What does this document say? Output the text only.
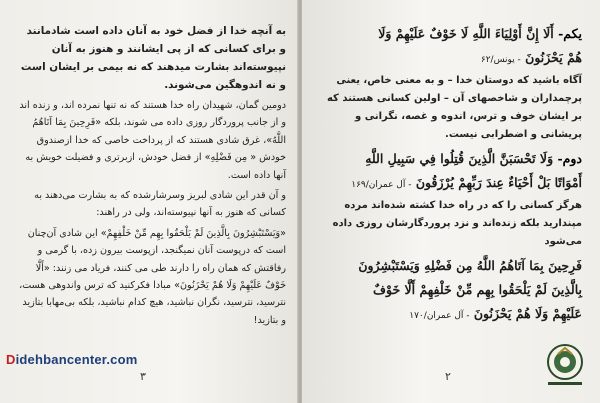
به آنچه خدا از فضل خود به آنان داده است شادمانند و برای کسانی که از پی ایشانند و هنوز به آنان نپیوسته‌اند بشارت میدهند که نه بیمی بر ایشان است و نه اندوهگین می‌شوند.

دومین گمان، شهیدان راه خدا هستند که نه تنها نمرده اند، و زنده اند و از جانب پروردگار روزی داده می شوند، بلکه «فَرِحِینَ بِمَا آتَاهُمُ اللَّهُ»، غرق شادی هستند که از پرداخت خاصی که خدا ازصندوق خودش « مِن فَضْلِهِ» از فضل خودش، ازبرتری و فضیلت خویش به آنها داده است.

و آن قدر این شادی لبریز وسرشارشده که به بشارت می‌دهند به کسانی که هنوز به آنها نپیوسته‌اند، ولی در راهند:

«وَيَسْتَبْشِرُونَ بِالَّذِينَ لَمْ يَلْحَقُوا بِهِم مِّنْ خَلْفِهِمْ» این شادی آن‌چنان است که درپوست آنان نمیگنجد، ازپوست بیرون زده، با گرمی و رفاقتش که همان راه را دارند طی می کنند، فریاد می زنند: «أَلَّا خَوْفٌ عَلَيْهِمْ وَلَا هُمْ يَحْزَنُونَ» مبادا فکرکنید که ترس واندوهی هست، نترسید، نترسید، نگران نباشید، هیچ کدام نباشید، بلکه بی‌مهابا بتازید و بتازید!

۳
یکم- أَلَا إِنَّ أَوْلِيَاءَ اللَّهِ لَا خَوْفٌ عَلَيْهِمْ وَلَا
هُمْ يَحْزَنُونَ - یونس/۶۲

آگاه باشید که دوستان خدا – و به معنی خاص، یعنی پرچمداران و شاخصهای آن – اولین کسانی هستند که بر ایشان خوف و ترس، اندوه و غصه، نگرانی و پریشانی و اضطرابی نیست.

دوم- وَلَا تَحْسَبَنَّ الَّذِينَ قُتِلُوا فِي سَبِيلِ اللَّهِ
أَمْوَاتًا بَلْ أَحْيَاءٌ عِندَ رَبِّهِمْ يُرْزَقُونَ - آل عمران/۱۶۹

هرگز کسانی را که در راه خدا کشته شده‌اند مرده مپندارید بلکه زنده‌اند و نزد پروردگارشان روزی داده می‌شود

فَرِحِينَ بِمَا آتَاهُمُ اللَّهُ مِن فَضْلِهِ وَيَسْتَبْشِرُونَ
بِالَّذِينَ لَمْ يَلْحَقُوا بِهِم مِّنْ خَلْفِهِمْ أَلَّا خَوْفٌ
عَلَيْهِمْ وَلَا هُمْ يَحْزَنُونَ - آل عمران/۱۷۰
۲
Didehbancenter.com
